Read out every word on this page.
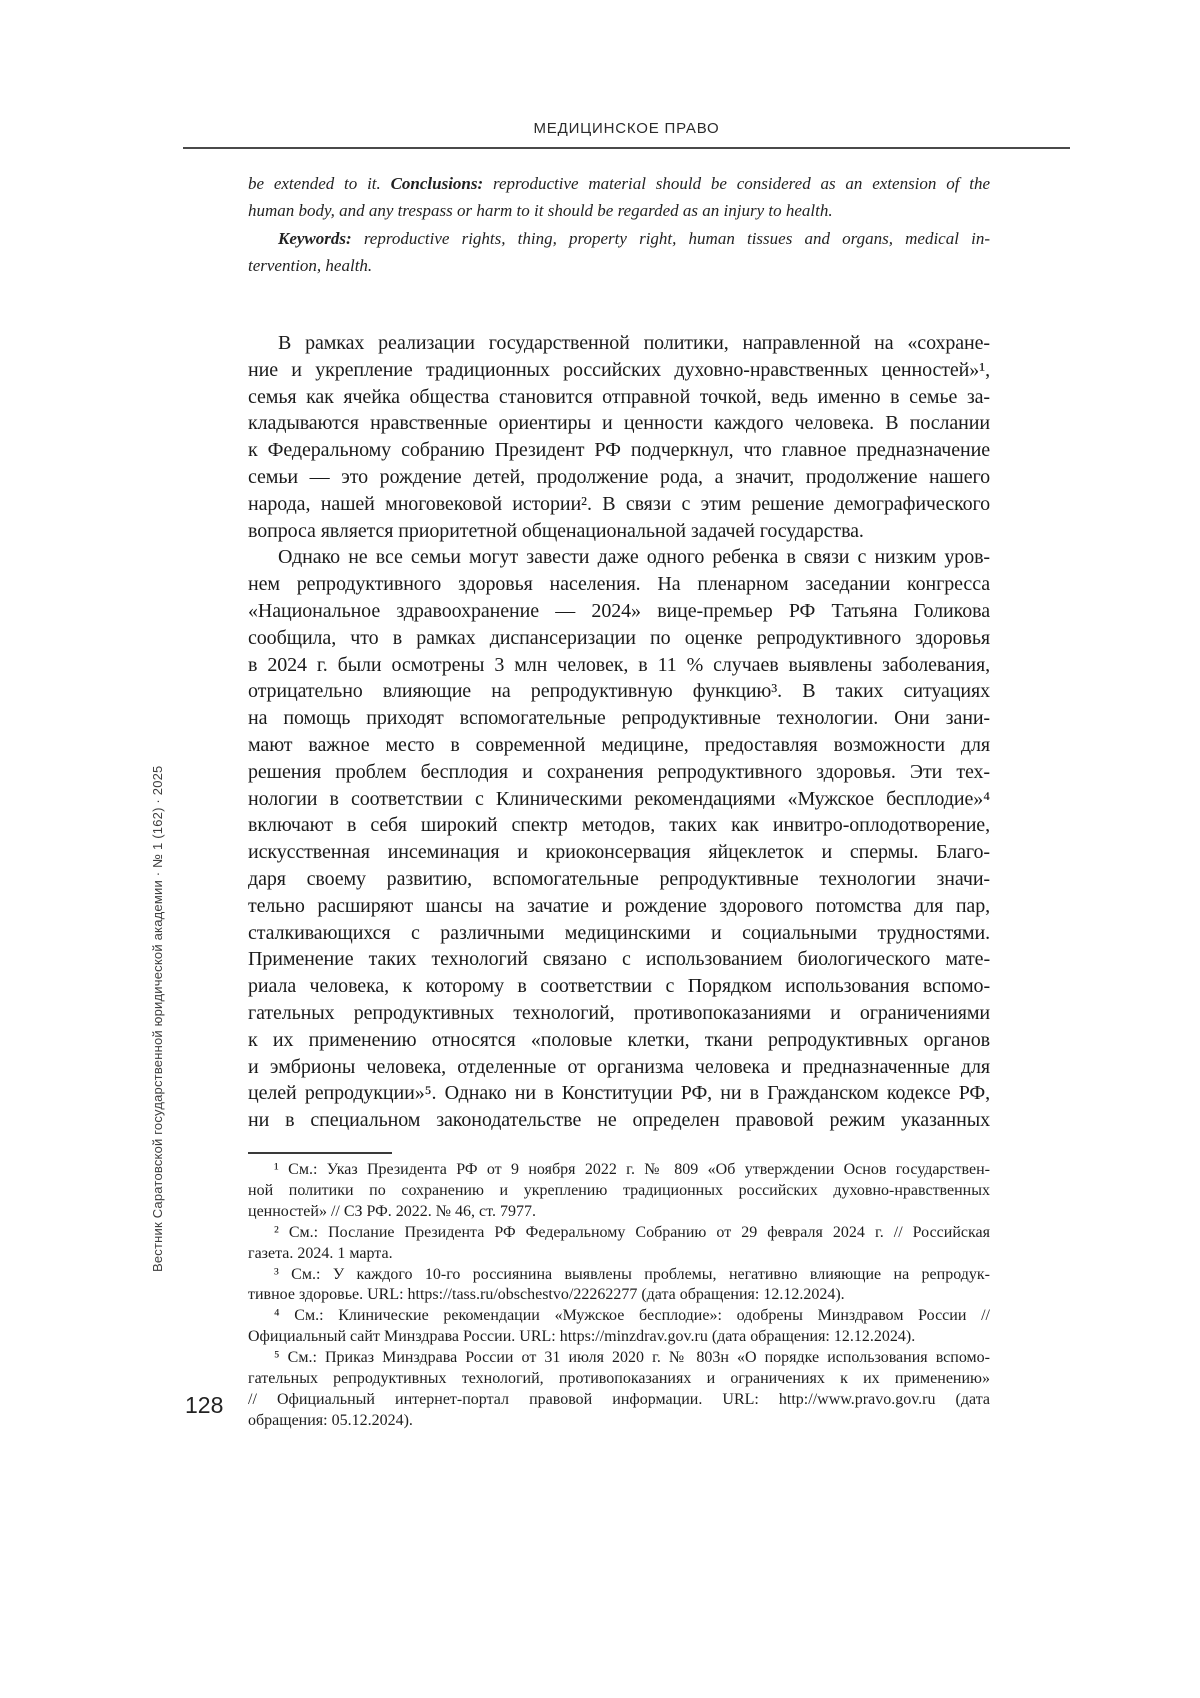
МЕДИЦИНСКОЕ ПРАВО
be extended to it. Conclusions: reproductive material should be considered as an extension of the
human body, and any trespass or harm to it should be regarded as an injury to health.
Keywords: reproductive rights, thing, property right, human tissues and organs, medical in-
tervention, health.
В рамках реализации государственной политики, направленной на «сохране-
ние и укрепление традиционных российских духовно-нравственных ценностей»¹,
семья как ячейка общества становится отправной точкой, ведь именно в семье за-
кладываются нравственные ориентиры и ценности каждого человека. В послании
к Федеральному собранию Президент РФ подчеркнул, что главное предназначение
семьи — это рождение детей, продолжение рода, а значит, продолжение нашего
народа, нашей многовековой истории². В связи с этим решение демографического
вопроса является приоритетной общенациональной задачей государства.
Однако не все семьи могут завести даже одного ребенка в связи с низким уров-
нем репродуктивного здоровья населения. На пленарном заседании конгресса
«Национальное здравоохранение — 2024» вице-премьер РФ Татьяна Голикова
сообщила, что в рамках диспансеризации по оценке репродуктивного здоровья
в 2024 г. были осмотрены 3 млн человек, в 11 % случаев выявлены заболевания,
отрицательно влияющие на репродуктивную функцию³. В таких ситуациях
на помощь приходят вспомогательные репродуктивные технологии. Они зани-
мают важное место в современной медицине, предоставляя возможности для
решения проблем бесплодия и сохранения репродуктивного здоровья. Эти тех-
нологии в соответствии с Клиническими рекомендациями «Мужское бесплодие»⁴
включают в себя широкий спектр методов, таких как инвитро-оплодотворение,
искусственная инсеминация и криоконсервация яйцеклеток и спермы. Благо-
даря своему развитию, вспомогательные репродуктивные технологии значи-
тельно расширяют шансы на зачатие и рождение здорового потомства для пар,
сталкивающихся с различными медицинскими и социальными трудностями.
Применение таких технологий связано с использованием биологического мате-
риала человека, к которому в соответствии с Порядком использования вспомо-
гательных репродуктивных технологий, противопоказаниями и ограничениями
к их применению относятся «половые клетки, ткани репродуктивных органов
и эмбрионы человека, отделенные от организма человека и предназначенные для
целей репродукции»⁵. Однако ни в Конституции РФ, ни в Гражданском кодексе РФ,
ни в специальном законодательстве не определен правовой режим указанных
¹ См.: Указ Президента РФ от 9 ноября 2022 г. № 809 «Об утверждении Основ государствен-
ной политики по сохранению и укреплению традиционных российских духовно-нравственных
ценностей» // СЗ РФ. 2022. № 46, ст. 7977.
² См.: Послание Президента РФ Федеральному Собранию от 29 февраля 2024 г. // Российская
газета. 2024. 1 марта.
³ См.: У каждого 10-го россиянина выявлены проблемы, негативно влияющие на репродук-
тивное здоровье. URL: https://tass.ru/obschestvo/22262277 (дата обращения: 12.12.2024).
⁴ См.: Клинические рекомендации «Мужское бесплодие»: одобрены Минздравом России //
Официальный сайт Минздрава России. URL: https://minzdrav.gov.ru (дата обращения: 12.12.2024).
⁵ См.: Приказ Минздрава России от 31 июля 2020 г. № 803н «О порядке использования вспомо-
гательных репродуктивных технологий, противопоказаниях и ограничениях к их применению»
// Официальный интернет-портал правовой информации. URL: http://www.pravo.gov.ru (дата
обращения: 05.12.2024).
Вестник Саратовской государственной юридической академии · № 1 (162) · 2025
128
